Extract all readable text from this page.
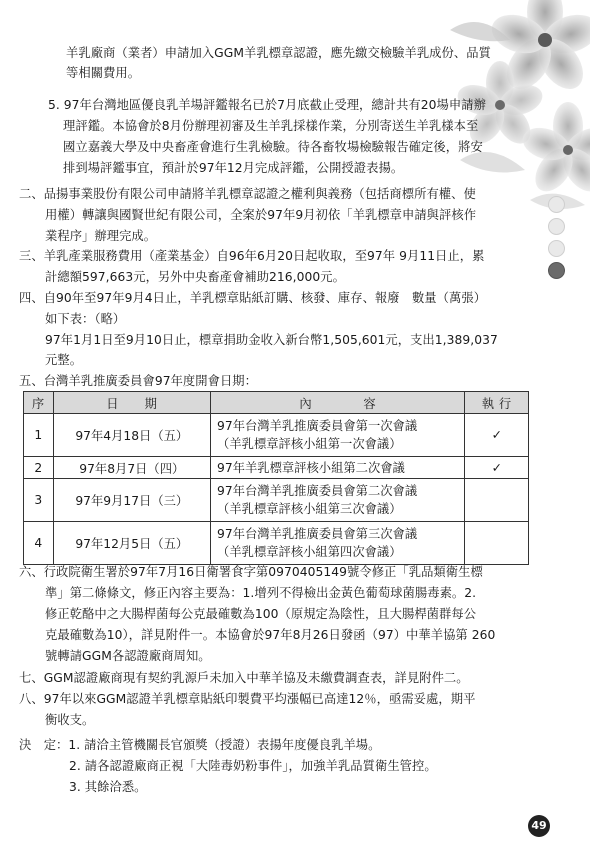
羊乳廠商（業者）申請加入GGM羊乳標章認證，應先繳交檢驗羊乳成份、品質
等相關費用。
5. 97年台灣地區優良乳羊場評鑑報名已於7月底截止受理，總計共有20場申請辦
理評鑑。本協會於8月份辦理初審及生羊乳採樣作業，分別寄送生羊乳樣本至
國立嘉義大學及中央畜產會進行生乳檢驗。待各畜牧場檢驗報告確定後，將安
排到場評鑑事宜，預計於97年12月完成評鑑，公開授證表揚。
二、品揚事業股份有限公司申請將羊乳標章認證之權利與義務（包括商標所有權、使
用權）轉讓與國賢世紀有限公司，全案於97年9月初依「羊乳標章申請與評核作
業程序」辦理完成。
三、羊乳產業服務費用（產業基金）自96年6月20日起收取，至97年 9月11日止，累
計總額597,663元，另外中央畜產會補助216,000元。
四、自90年至97年9月4日止，羊乳標章貼紙訂購、核發、庫存、報廢　數量（萬張）
如下表：（略）
97年1月1日至9月10日止，標章捐助金收入新台幣1,505,601元，支出1,389,037
元整。
五、台灣羊乳推廣委員會97年度開會日期：
序	日　　期	內　　　　容	執 行
1	97年4月18日（五）	97年台灣羊乳推廣委員會第一次會議
（羊乳標章評核小組第一次會議）	✓
2	97年8月7日（四）	97年羊乳標章評核小組第二次會議	✓
3	97年9月17日（三）	97年台灣羊乳推廣委員會第二次會議
（羊乳標章評核小組第三次會議）	

4	97年12月5日（五）	97年台灣羊乳推廣委員會第三次會議
（羊乳標章評核小組第四次會議）	

六、行政院衛生署於97年7月16日衛署食字第0970405149號令修正「乳品類衛生標
準」第二條條文，修正內容主要為：1.增列不得檢出金黃色葡萄球菌腸毒素。2.
修正乾酪中之大腸桿菌每公克最確數為100（原規定為陰性，且大腸桿菌群每公
克最確數為10），詳見附件一。本協會於97年8月26日發函（97）中華羊協第 260
號轉請GGM各認證廠商周知。
七、GGM認證廠商現有契約乳源戶未加入中華羊協及未繳費調查表，詳見附件二。
八、97年以來GGM認證羊乳標章貼紙印製費平均漲幅已高達12％，亟需妥處，期平
衡收支。
決　定：1. 請洽主管機關長官頒獎（授證）表揚年度優良乳羊場。
2. 請各認證廠商正視「大陸毒奶粉事件」，加強羊乳品質衛生管控。
3. 其餘洽悉。
49
